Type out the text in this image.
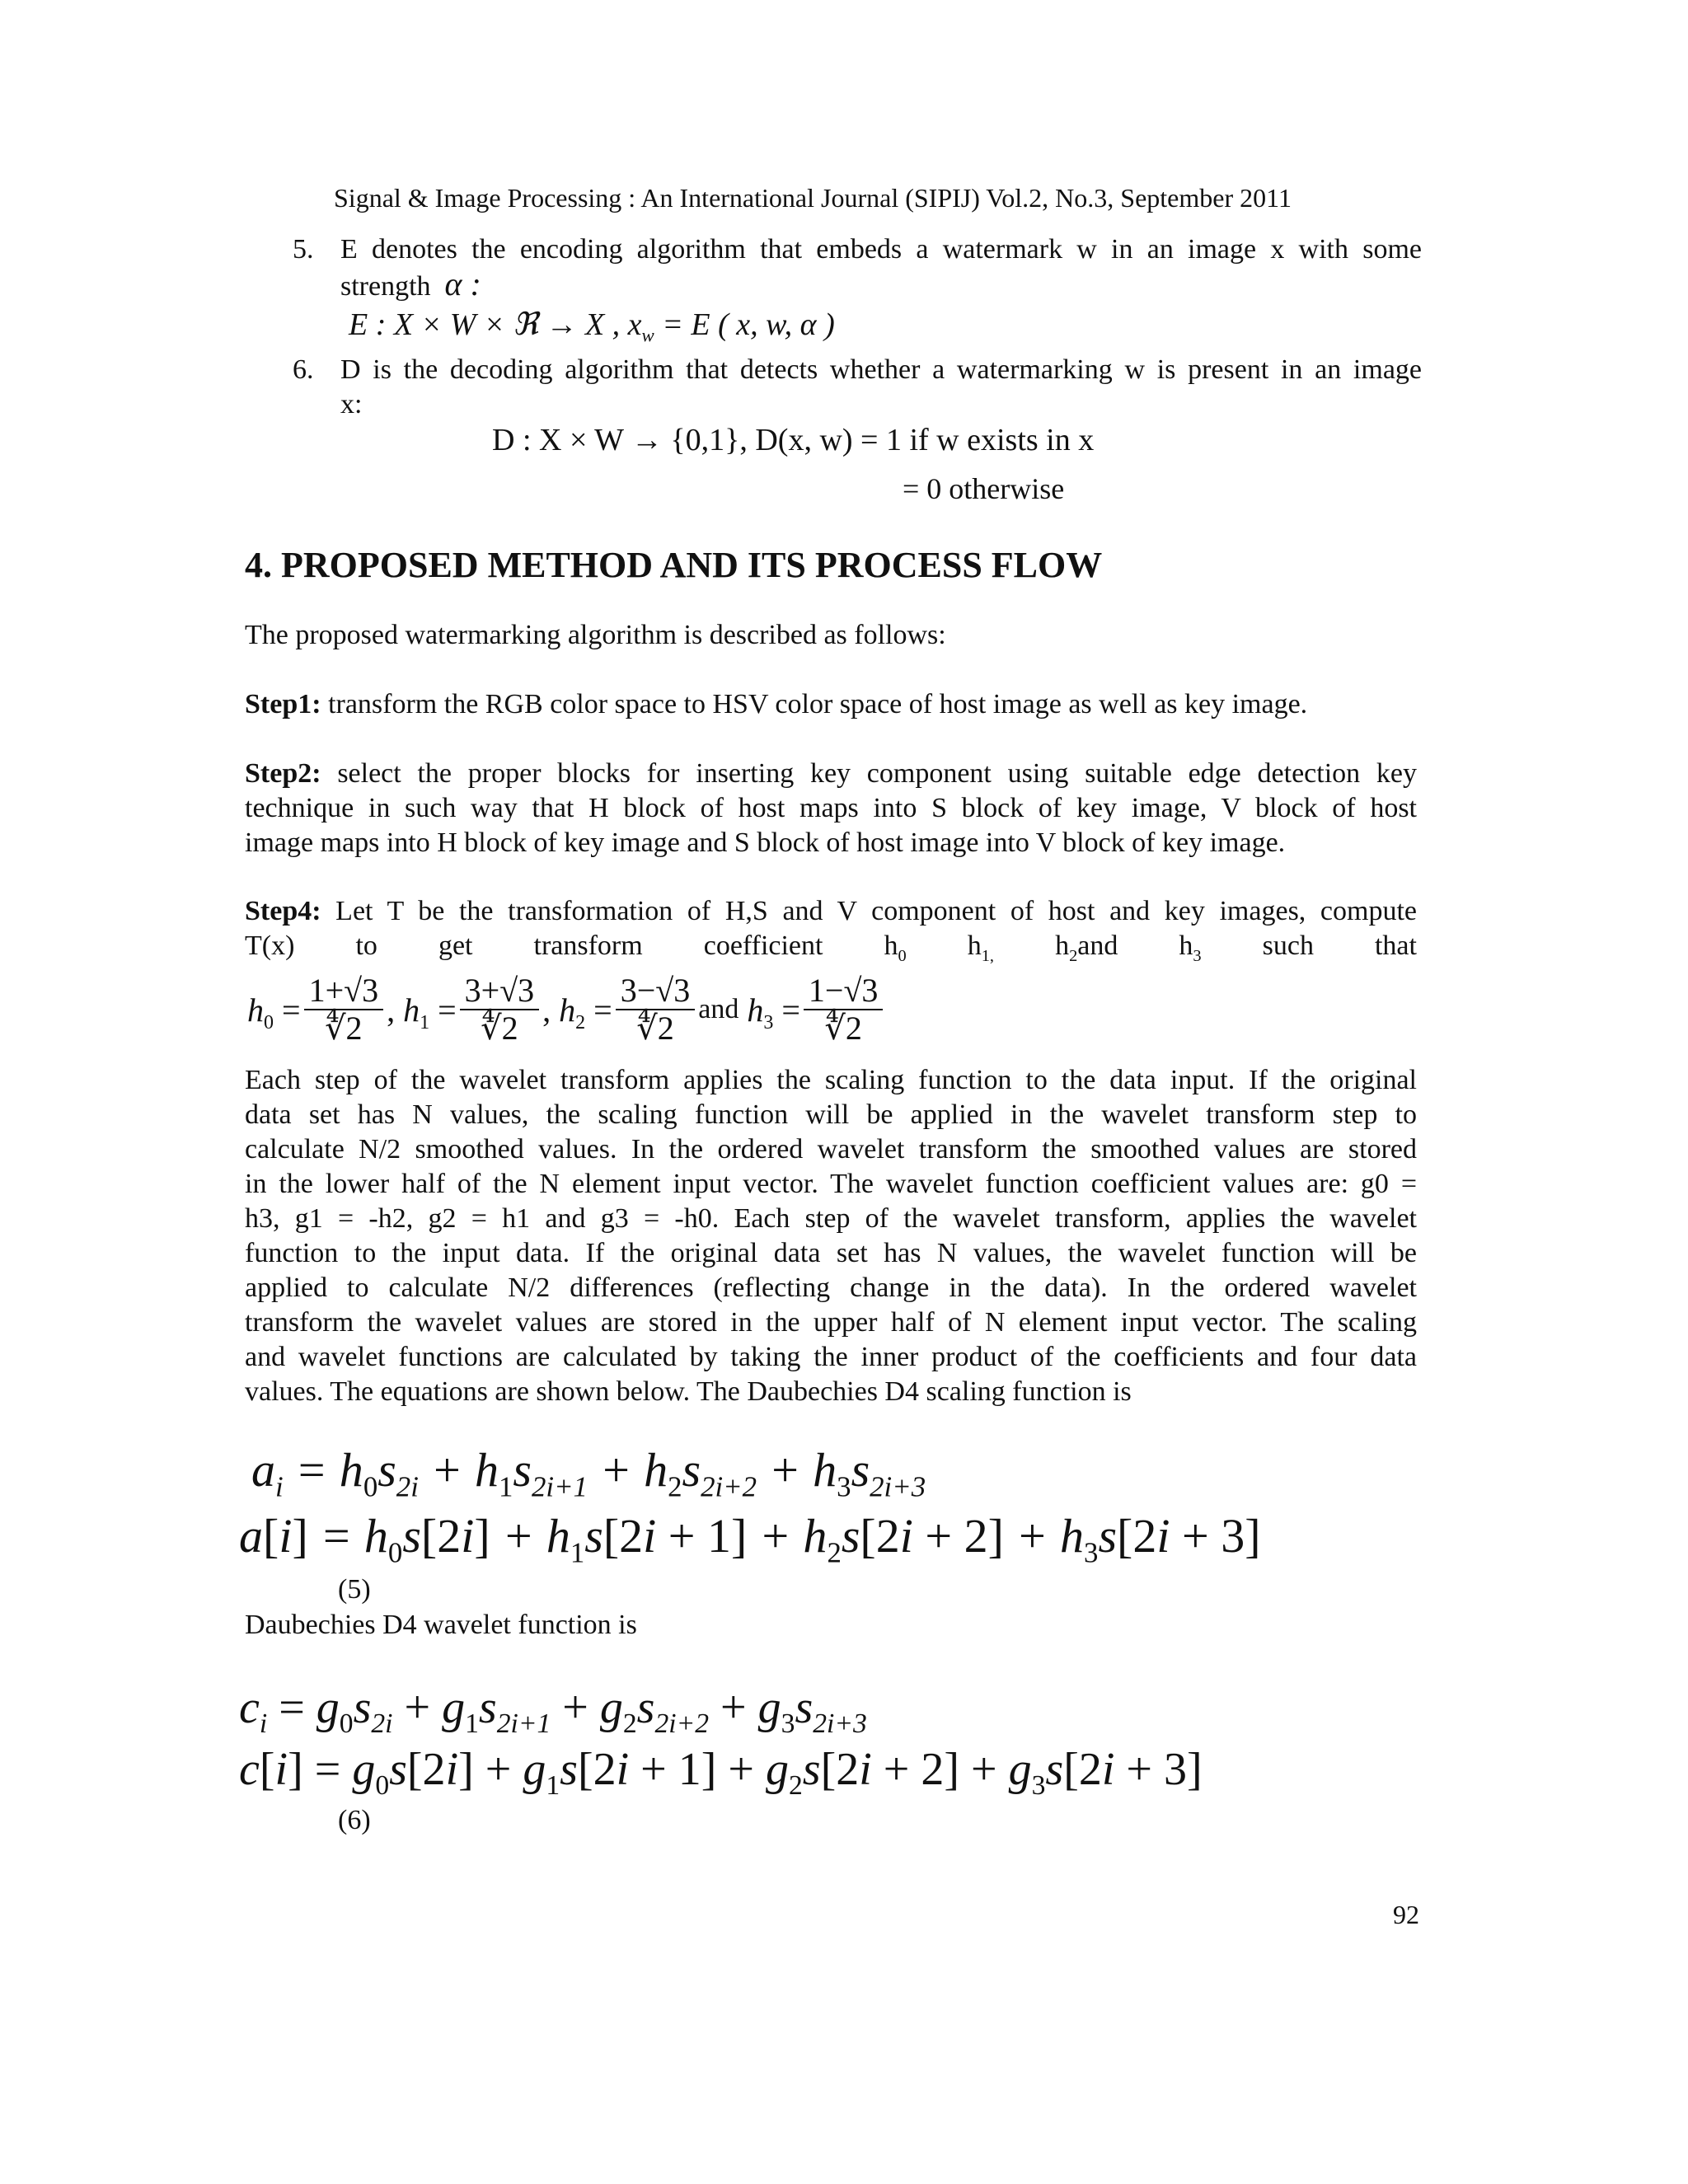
Signal & Image Processing : An International Journal (SIPIJ) Vol.2, No.3, September 2011
5. E denotes the encoding algorithm that embeds a watermark w in an image x with some
strength α :
E : X × W × ℜ → X , $x_w = E$ ( x, w, α )
6. D is the decoding algorithm that detects whether a watermarking w is present in an image
x:
D : X × W → {0,1}, D(x, w) = 1 if w exists in x
= 0 otherwise
4. PROPOSED METHOD AND ITS PROCESS FLOW
The proposed watermarking algorithm is described as follows:
Step1: transform the RGB color space to HSV color space of host image as well as key image.
Step2: select the proper blocks for inserting key component using suitable edge detection key
technique in such way that H block of host maps into S block of key image, V block of host
image maps into H block of key image and S block of host image into V block of key image.
Step4: Let T be the transformation of H,S and V component of host and key images, compute
T(x) to get transform coefficient $h_0$ $h_{1,}$ $h_2and$ $h_3$ such that
$h_0 = \frac{1+√3}{∜2}$ , $h_1 = \frac{3+√3}{∜2}$ , $h_2 = \frac{3-√3}{∜2}$ and
$h_3 = \frac{1-√3}{∜2}$
Each step of the wavelet transform applies the scaling function to the data input. If the original
data set has N values, the scaling function will be applied in the wavelet transform step to
calculate N/2 smoothed values. In the ordered wavelet transform the smoothed values are stored
in the lower half of the N element input vector. The wavelet function coefficient values are: g0 =
h3, g1 = -h2, g2 = h1 and g3 = -h0. Each step of the wavelet transform, applies the wavelet
function to the input data. If the original data set has N values, the wavelet function will be
applied to calculate N/2 differences (reflecting change in the data). In the ordered wavelet
transform the wavelet values are stored in the upper half of N element input vector. The scaling
and wavelet functions are calculated by taking the inner product of the coefficients and four data
values. The equations are shown below. The Daubechies D4 scaling function is
$a_i = h_0s_{2i} + h_1s_{2i+1} + h_2s_{2i+2} + h_3s_{2i+3}$
$a[i] = h_0s[2i] + h_1s[2i + 1] + h_2s[2i + 2] + h_3s[2i + 3]$
(5)
Daubechies D4 wavelet function is
$c_i = g_0s_{2i} + g_1s_{2i+1} + g_2s_{2i+2} + g_3s_{2i+3}$
$c[i] = g_0s[2i] + g_1s[2i + 1] + g_2s[2i + 2] + g_3s[2i + 3]$
(6)
92
